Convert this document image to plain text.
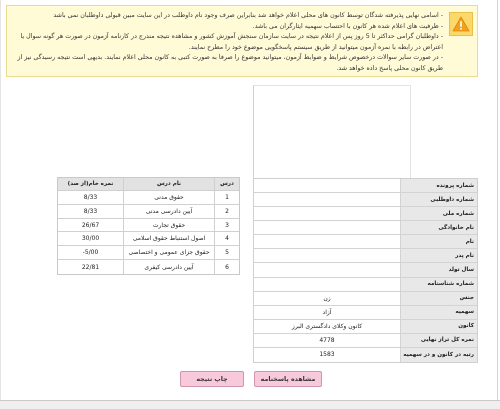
- اسامی نهایی پذیرفته شدگان توسط کانون های محلی اعلام خواهد شد بنابراین صرف وجود نام داوطلب در این سایت مبین قبولی داوطلبان نمی باشد
- ظرفیت های اعلام شده هر کانون با احتساب سهمیه ایثارگران می باشد.
- داوطلبان گرامی حداکثر تا 5 روز پس از اعلام نتیجه در سایت سازمان سنجش آموزش کشور و مشاهده نتیجه مندرج در کارنامه آزمون در صورت هر گونه سوال یا
اعتراض در رابطه با نمره آزمون میتوانید از طریق سیستم پاسخگویی موضوع خود را مطرح نمایند.
- در صورت سایر سوالات درخصوص شرایط و ضوابط آزمون، میتوانید موضوع را صرفا به صورت کتبی به کانون محلی اعلام نمایند. بدیهی است نتیجه رسیدگی نیز از
طریق کانون محلی پاسخ داده خواهد شد.
شماره پرونده
شماره داوطلبی
شماره ملی
نام خانوادگی
نام
نام پدر
سال تولد
شماره شناسنامه
زن	جنس
آزاد	سهمیه
کانون وکلای دادگستری البرز	کانون
4778	نمره کل تراز نهایی
1583	رتبه در کانون و در سهمیه
نمره خام(از صد)	نام درس	درس
8/33	حقوق مدنی	1
8/33	آیین دادرسی مدنی	2
26/67	حقوق تجارت	3
30/00	اصول استنباط حقوق اسلامی	4
-5/00	حقوق جزای عمومی و اختصاصی	5
22/81	آیین دادرسی کیفری	6
مشاهده پاسخنامه
چاپ نتیجه
